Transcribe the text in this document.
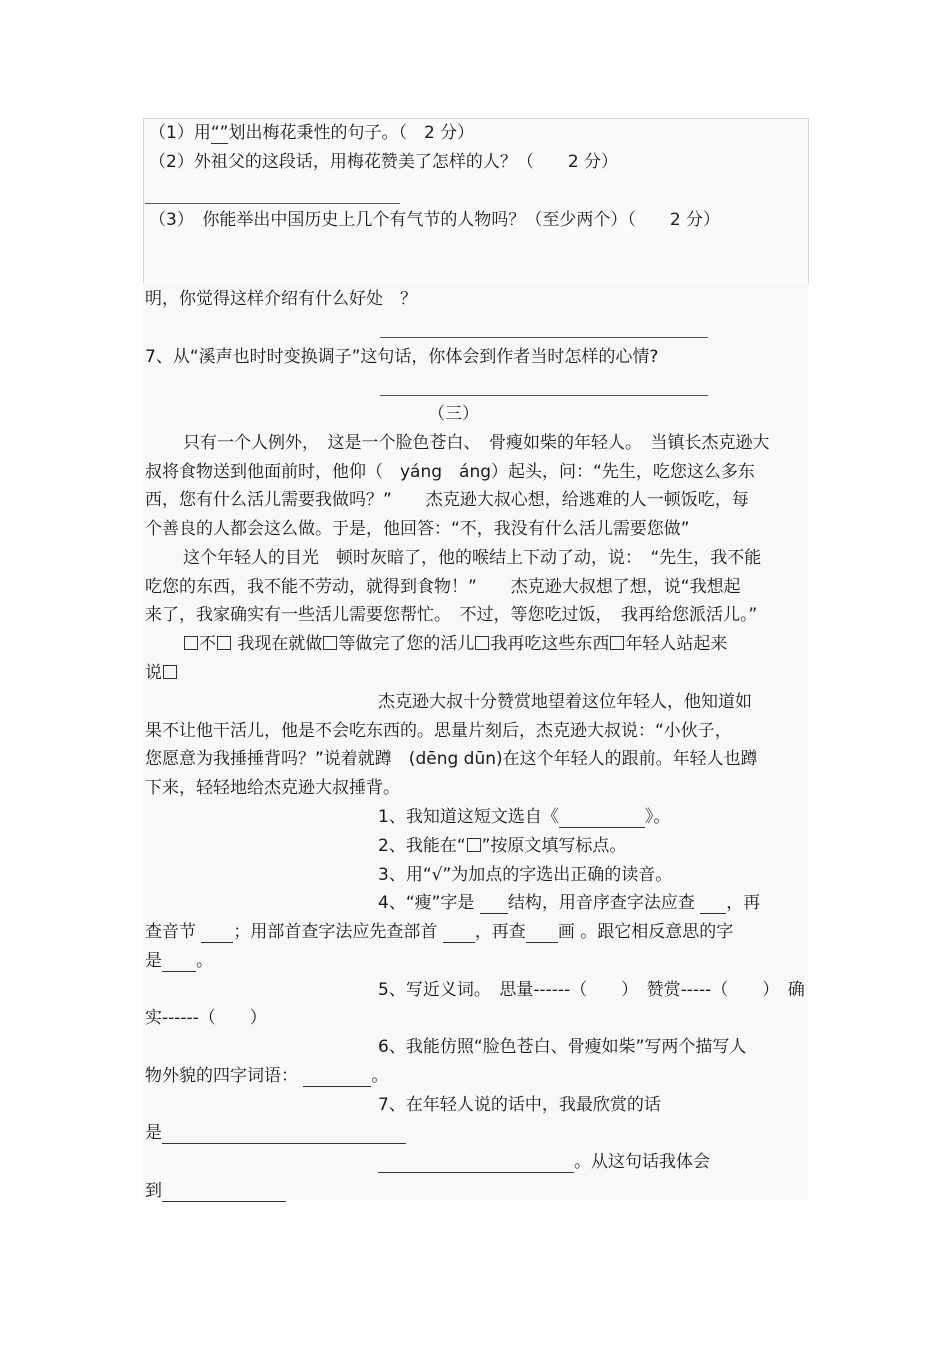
（1）用“”划出梅花秉性的句子。（　2 分）
（2）外祖父的这段话，用梅花赞美了怎样的人？（　　2 分）
（3）　你能举出中国历史上几个有气节的人物吗？（至少两个）（　　2 分）
明，你觉得这样介绍有什么好处　？
7、从“溪声也时时变换调子”这句话，你体会到作者当时怎样的心情?
（三）
只有一个人例外，　这是一个脸色苍白、　骨瘦如柴的年轻人。　当镇长杰克逊大
叔将食物送到他面前时，他仰（　yáng　áng）起头，问：“先生，吃您这么多东
西，您有什么活儿需要我做吗？”　　杰克逊大叔心想，给逃难的人一顿饭吃，每
个善良的人都会这么做。于是，他回答：“不，我没有什么活儿需要您做”
这个年轻人的目光　顿时灰暗了，他的喉结上下动了动，说：　“先生，我不能
吃您的东西，我不能不劳动，就得到食物！”　　杰克逊大叔想了想，说“我想起
来了，我家确实有一些活儿需要您帮忙。　不过，等您吃过饭，　我再给您派活儿。”
不 我现在就做 等做完了您的活儿 我再吃这些东西 年轻人站起来
说
杰克逊大叔十分赞赏地望着这位年轻人，他知道如
果不让他干活儿，他是不会吃东西的。思量片刻后，杰克逊大叔说：“小伙子，
您愿意为我捶捶背吗？”说着就蹲　(dēng dūn)在这个年轻人的跟前。年轻人也蹲
下来，轻轻地给杰克逊大叔捶背。
1、我知道这短文选自《	》。
2、我能在“ ”按原文填写标点。
3、用“√”为加点的字选出正确的读音。
4、“瘦”字是 结构，用音序查字法应查 ，再
查音节 ；用部首查字法应先查部首 ，再查 画 。跟它相反意思的字
是 。
5、写近义词。　思量------（　　）　赞赏-----（　　）　确
实------（　　）
6、我能仿照“脸色苍白、骨瘦如柴”写两个描写人
物外貌的四字词语：	。
7、在年轻人说的话中，我最欣赏的话
是
。从这句话我体会
到
